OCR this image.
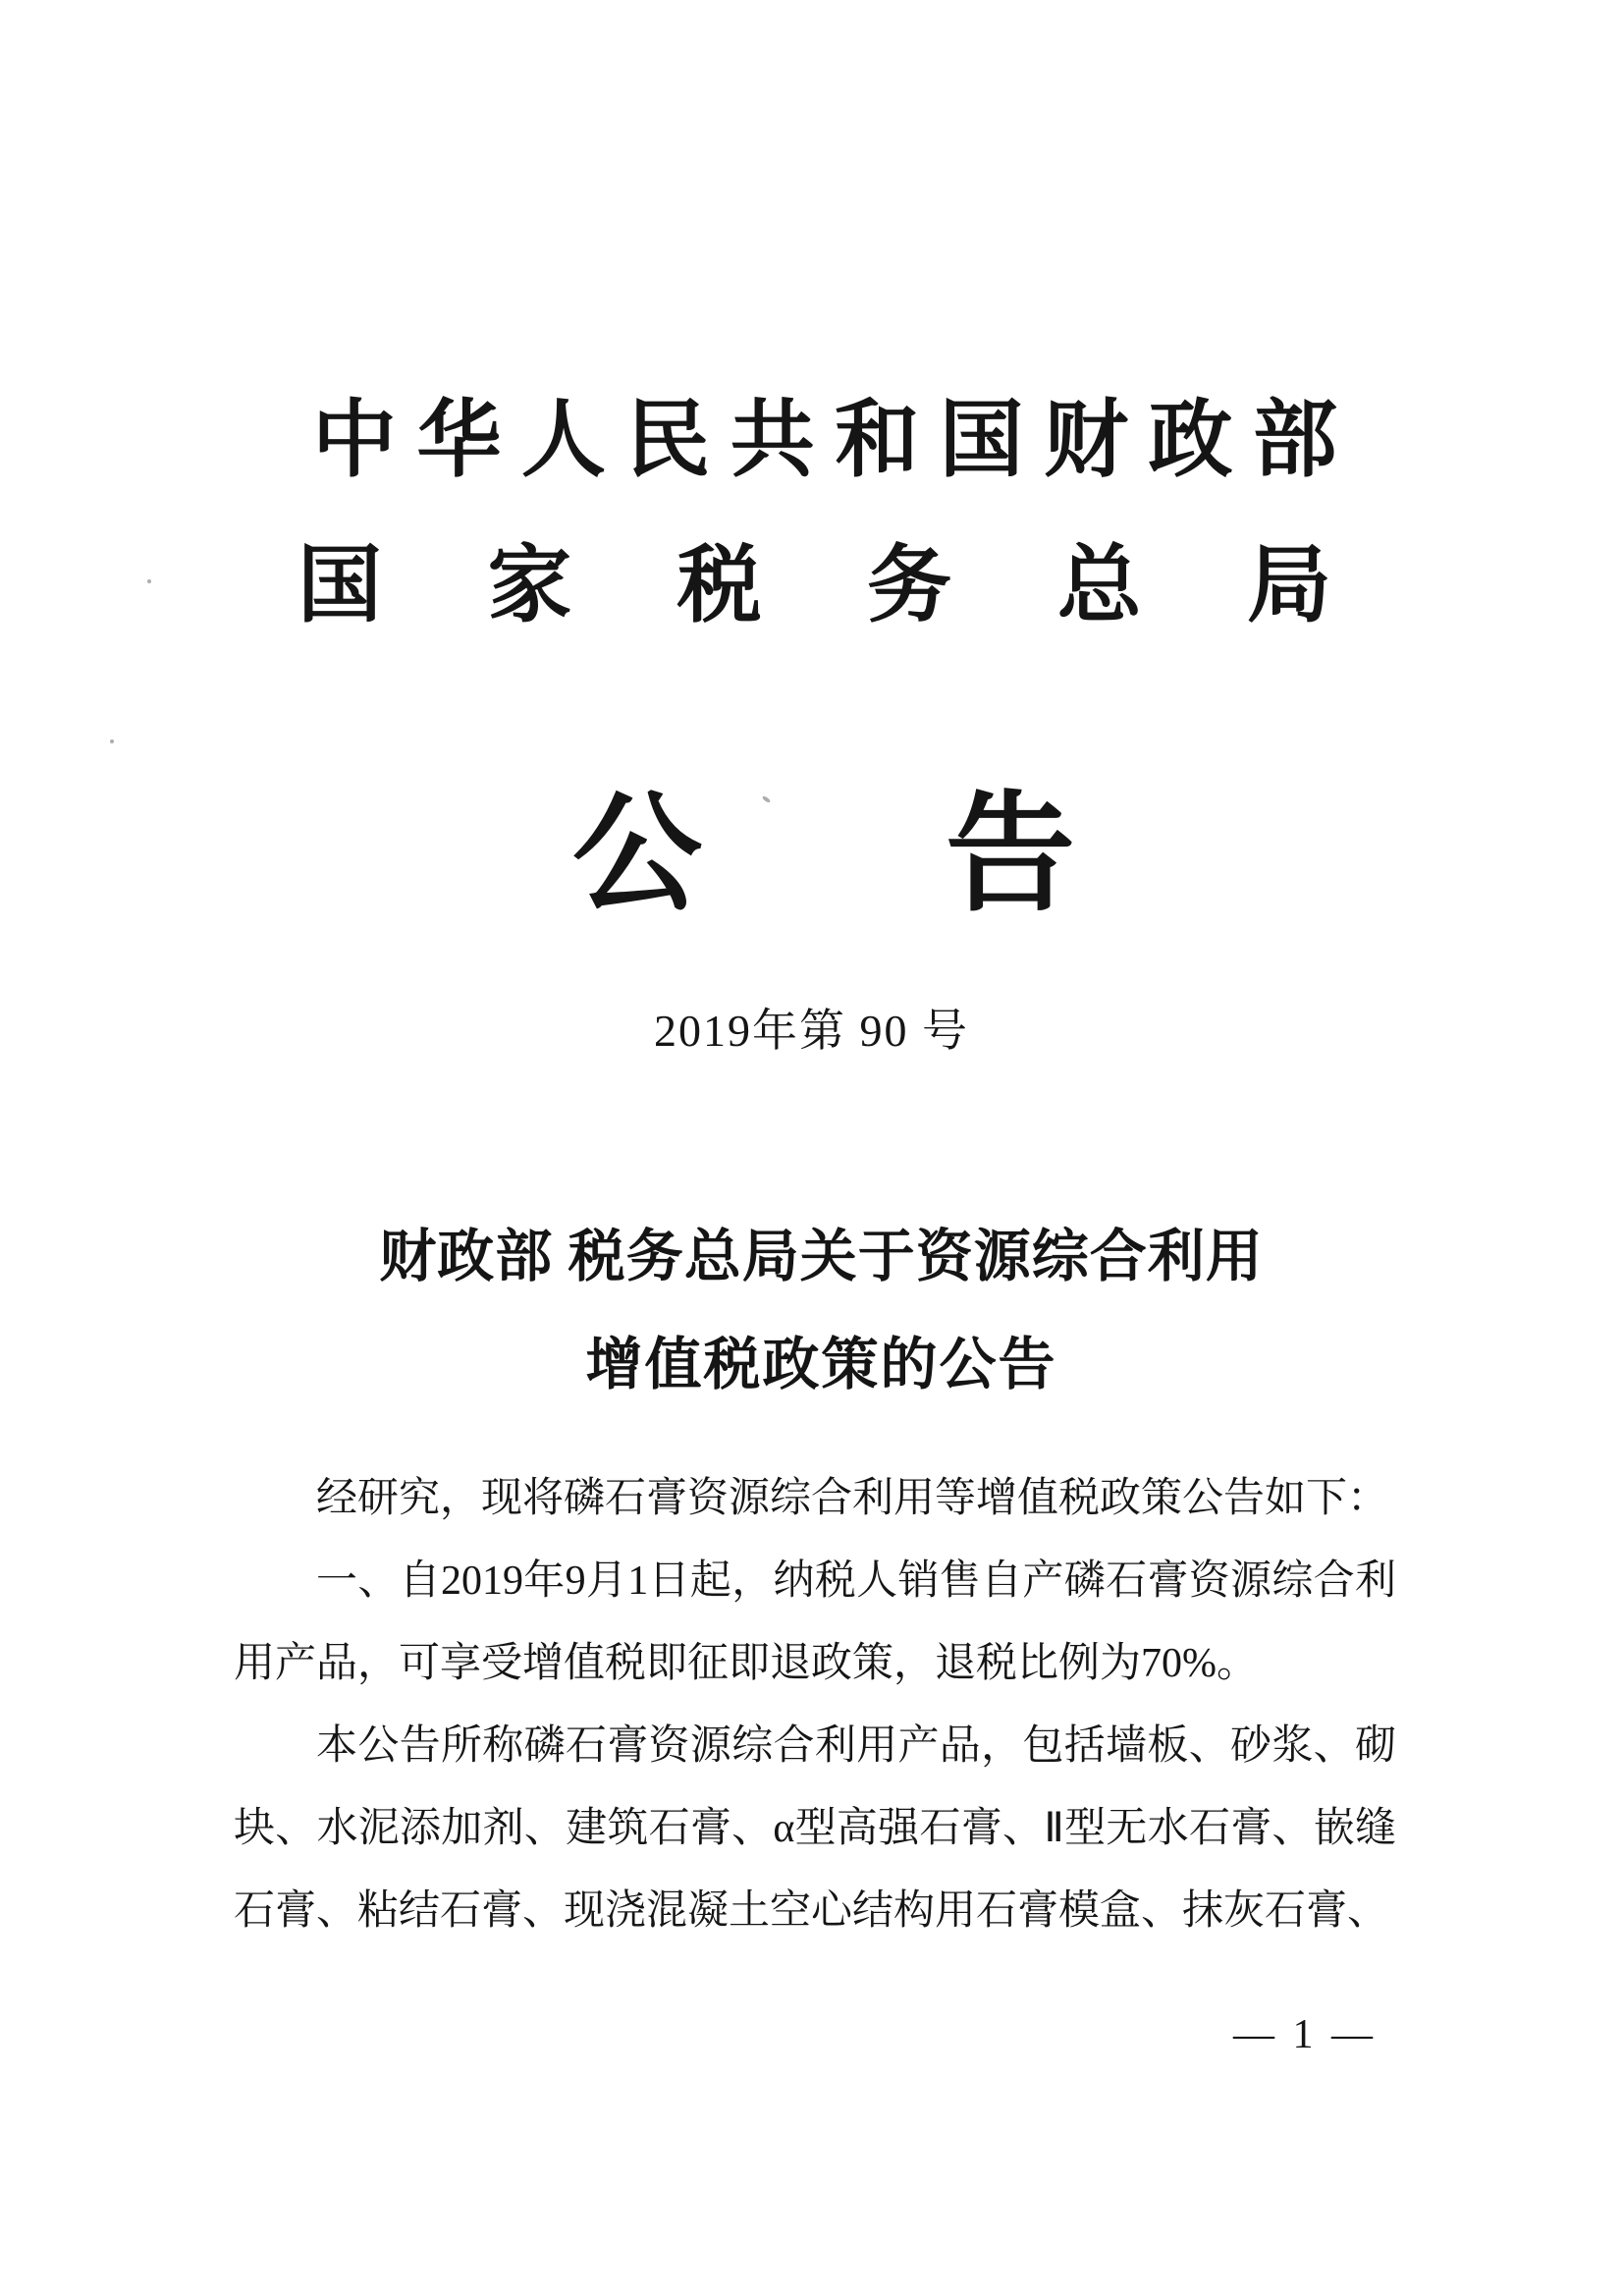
中 华 人 民 共 和 国 财 政 部
国 家 税 务 总 局
公 告
2019年第 90 号
财政部 税务总局关于资源综合利用
增值税政策的公告

经研究，现将磷石膏资源综合利用等增值税政策公告如下：

一、自2019年9月1日起，纳税人销售自产磷石膏资源综合利用产品，可享受增值税即征即退政策，退税比例为70%。

本公告所称磷石膏资源综合利用产品，包括墙板、砂浆、砌块、水泥添加剂、建筑石膏、α型高强石膏、Ⅱ型无水石膏、嵌缝石膏、粘结石膏、现浇混凝土空心结构用石膏模盒、抹灰石膏、

— 1 —
